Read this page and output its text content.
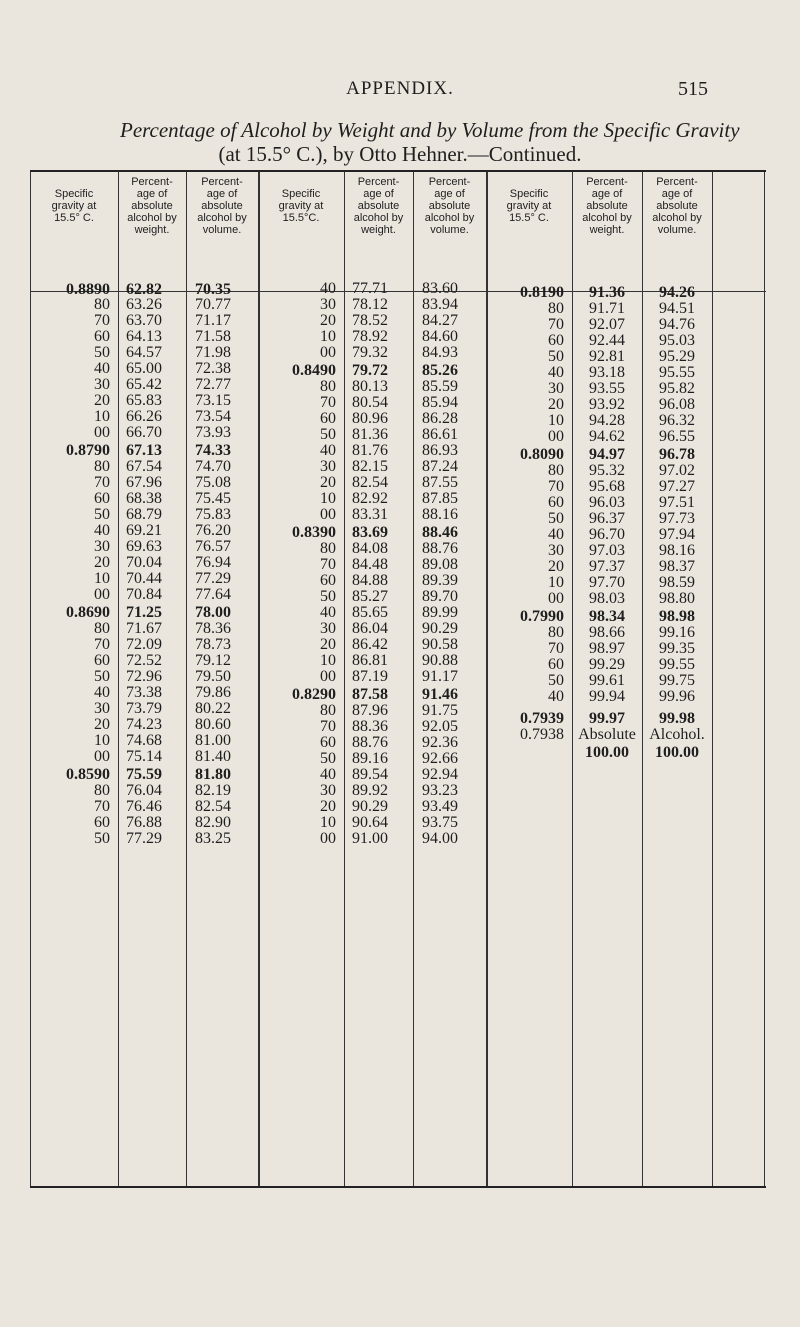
APPENDIX.	515
Percentage of Alcohol by Weight and by Volume from the Specific Gravity
(at 15.5° C.), by Otto Hehner.—Continued.
Specific
gravity at
15.5° C.
Percent-
age of
absolute
alcohol by
weight.
Percent-
age of
absolute
alcohol by
volume.
Specific
gravity at
15.5°C.
Percent-
age of
absolute
alcohol by
weight.
Percent-
age of
absolute
alcohol by
volume.
Specific
gravity at
15.5° C.
Percent-
age of
absolute
alcohol by
weight.
Percent-
age of
absolute
alcohol by
volume.
0.8890
80
70
60
50
40
30
20
10
00
0.8790
80
70
60
50
40
30
20
10
00
0.8690
80
70
60
50
40
30
20
10
00
0.8590
80
70
60
50
62.82
63.26
63.70
64.13
64.57
65.00
65.42
65.83
66.26
66.70
67.13
67.54
67.96
68.38
68.79
69.21
69.63
70.04
70.44
70.84
71.25
71.67
72.09
72.52
72.96
73.38
73.79
74.23
74.68
75.14
75.59
76.04
76.46
76.88
77.29
70.35
70.77
71.17
71.58
71.98
72.38
72.77
73.15
73.54
73.93
74.33
74.70
75.08
75.45
75.83
76.20
76.57
76.94
77.29
77.64
78.00
78.36
78.73
79.12
79.50
79.86
80.22
80.60
81.00
81.40
81.80
82.19
82.54
82.90
83.25
40
30
20
10
00
0.8490
80
70
60
50
40
30
20
10
00
0.8390
80
70
60
50
40
30
20
10
00
0.8290
80
70
60
50
40
30
20
10
00
77.71
78.12
78.52
78.92
79.32
79.72
80.13
80.54
80.96
81.36
81.76
82.15
82.54
82.92
83.31
83.69
84.08
84.48
84.88
85.27
85.65
86.04
86.42
86.81
87.19
87.58
87.96
88.36
88.76
89.16
89.54
89.92
90.29
90.64
91.00
83.60
83.94
84.27
84.60
84.93
85.26
85.59
85.94
86.28
86.61
86.93
87.24
87.55
87.85
88.16
88.46
88.76
89.08
89.39
89.70
89.99
90.29
90.58
90.88
91.17
91.46
91.75
92.05
92.36
92.66
92.94
93.23
93.49
93.75
94.00
0.8190
80
70
60
50
40
30
20
10
00
0.8090
80
70
60
50
40
30
20
10
00
0.7990
80
70
60
50
40
0.7939
0.7938
91.36
91.71
92.07
92.44
92.81
93.18
93.55
93.92
94.28
94.62
94.97
95.32
95.68
96.03
96.37
96.70
97.03
97.37
97.70
98.03
98.34
98.66
98.97
99.29
99.61
99.94
99.97
Absolute
100.00
94.26
94.51
94.76
95.03
95.29
95.55
95.82
96.08
96.32
96.55
96.78
97.02
97.27
97.51
97.73
97.94
98.16
98.37
98.59
98.80
98.98
99.16
99.35
99.55
99.75
99.96
99.98
Alcohol.
100.00
